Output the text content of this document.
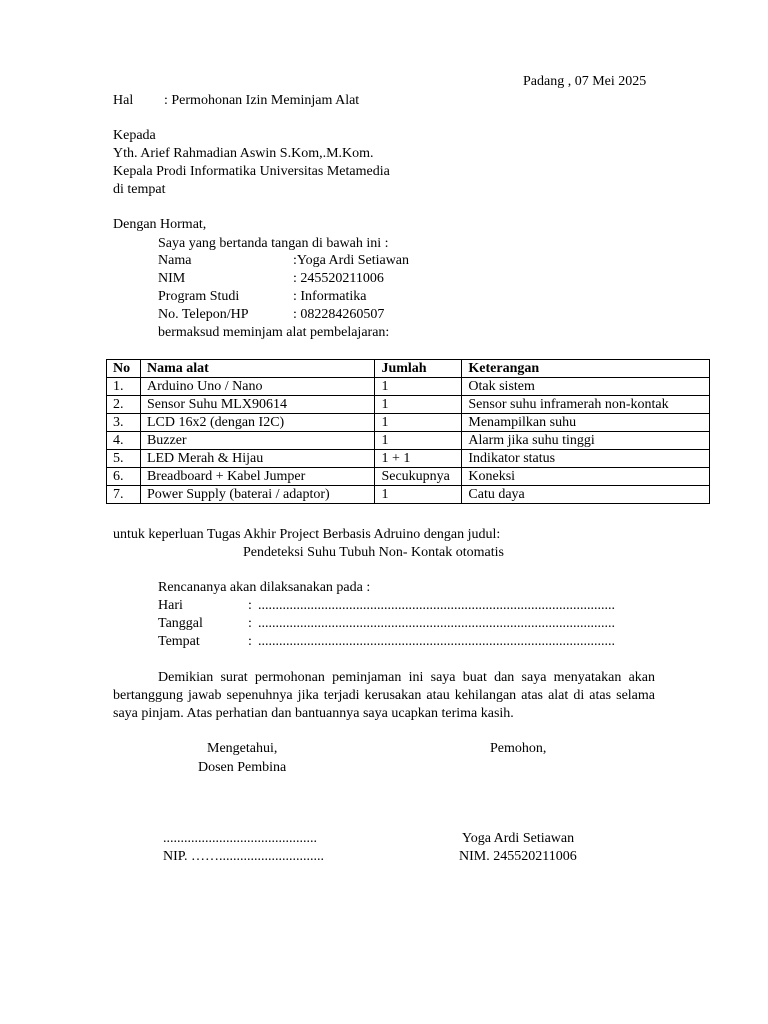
Padang , 07 Mei 2025
Hal : Permohonan Izin Meminjam Alat
Kepada
Yth. Arief Rahmadian Aswin S.Kom,.M.Kom.
Kepala Prodi Informatika Universitas Metamedia
di tempat
Dengan Hormat,
Saya yang bertanda tangan di bawah ini :
Nama	:Yoga Ardi Setiawan
NIM	: 245520211006
Program Studi	: Informatika
No. Telepon/HP	: 082284260507
bermaksud meminjam alat pembelajaran:
No	Nama alat	Jumlah	Keterangan
1.	Arduino Uno / Nano	1	Otak sistem
2.	Sensor Suhu MLX90614	1	Sensor suhu inframerah non-kontak
3.	LCD 16x2 (dengan I2C)	1	Menampilkan suhu
4.	Buzzer	1	Alarm jika suhu tinggi
5.	LED Merah & Hijau	1 + 1	Indikator status
6.	Breadboard + Kabel Jumper	Secukupnya	Koneksi
7.	Power Supply (baterai / adaptor)	1	Catu daya
untuk keperluan Tugas Akhir Project Berbasis Adruino dengan judul:
Pendeteksi Suhu Tubuh Non- Kontak otomatis
Rencananya akan dilaksanakan pada :
Hari	: ......................................................................................................
Tanggal	: ......................................................................................................
Tempat	: ......................................................................................................
Demikian surat permohonan peminjaman ini saya buat dan saya menyatakan akan bertanggung jawab sepenuhnya jika terjadi kerusakan atau kehilangan atas alat di atas selama saya pinjam. Atas perhatian dan bantuannya saya ucapkan terima kasih.
Mengetahui,
Dosen Pembina
Pemohon,
............................................
NIP. ……..............................
Yoga Ardi Setiawan
NIM. 245520211006
